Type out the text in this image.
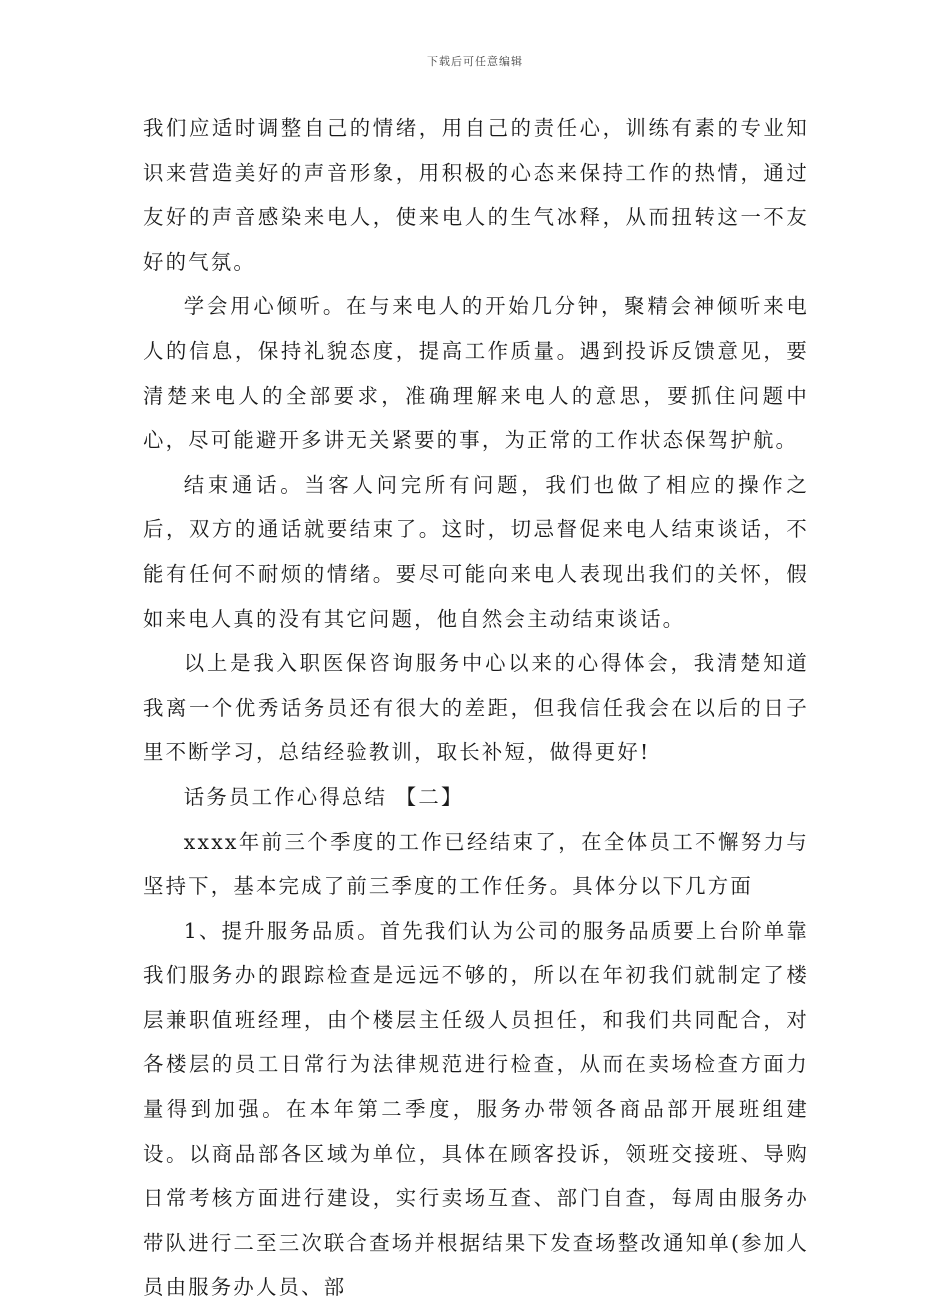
下载后可任意编辑

我们应适时调整自己的情绪，用自己的责任心，训练有素的专业知识来营造美好的声音形象，用积极的心态来保持工作的热情，通过友好的声音感染来电人，使来电人的生气冰释，从而扭转这一不友好的气氛。

学会用心倾听。在与来电人的开始几分钟，聚精会神倾听来电人的信息，保持礼貌态度，提高工作质量。遇到投诉反馈意见，要清楚来电人的全部要求，准确理解来电人的意思，要抓住问题中心，尽可能避开多讲无关紧要的事，为正常的工作状态保驾护航。

结束通话。当客人问完所有问题，我们也做了相应的操作之后，双方的通话就要结束了。这时，切忌督促来电人结束谈话，不能有任何不耐烦的情绪。要尽可能向来电人表现出我们的关怀，假如来电人真的没有其它问题，他自然会主动结束谈话。

以上是我入职医保咨询服务中心以来的心得体会，我清楚知道我离一个优秀话务员还有很大的差距，但我信任我会在以后的日子里不断学习，总结经验教训，取长补短，做得更好!

话务员工作心得总结 【二】

xxxx年前三个季度的工作已经结束了，在全体员工不懈努力与坚持下，基本完成了前三季度的工作任务。具体分以下几方面

1、提升服务品质。首先我们认为公司的服务品质要上台阶单靠我们服务办的跟踪检查是远远不够的，所以在年初我们就制定了楼层兼职值班经理，由个楼层主任级人员担任，和我们共同配合，对各楼层的员工日常行为法律规范进行检查，从而在卖场检查方面力量得到加强。在本年第二季度，服务办带领各商品部开展班组建设。以商品部各区域为单位，具体在顾客投诉，领班交接班、导购日常考核方面进行建设，实行卖场互查、部门自查，每周由服务办带队进行二至三次联合查场并根据结果下发查场整改通知单(参加人员由服务办人员、部
